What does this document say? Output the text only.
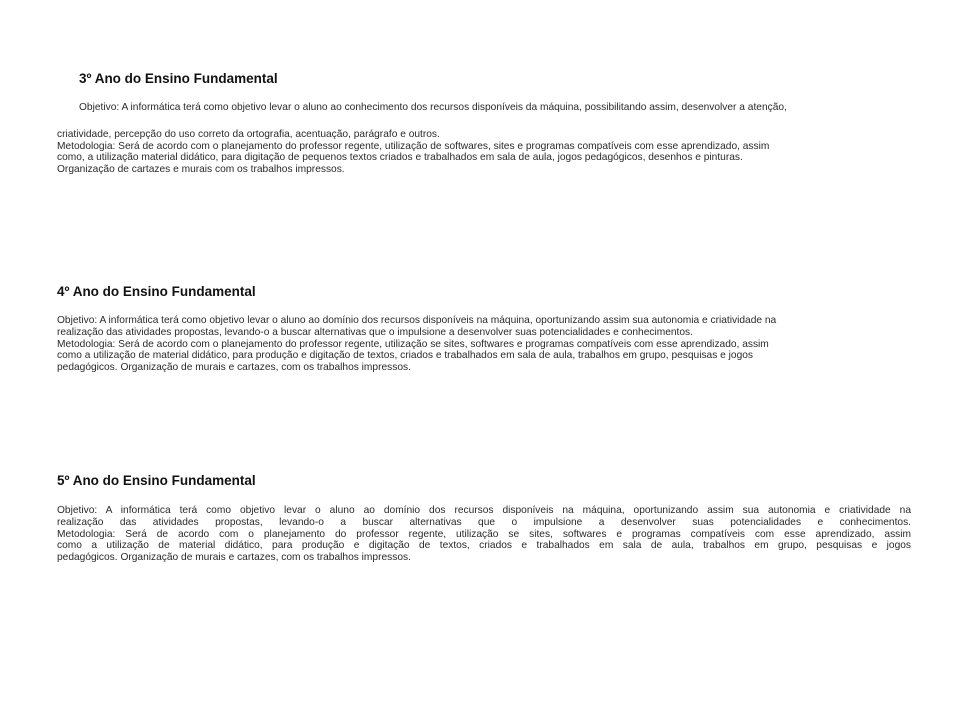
3º Ano do Ensino Fundamental

Objetivo: A informática terá como objetivo levar o aluno ao conhecimento dos recursos disponíveis da máquina, possibilitando assim, desenvolver a atenção,

criatividade, percepção do uso correto da ortografia, acentuação, parágrafo e outros.
Metodologia: Será de acordo com o planejamento do professor regente, utilização de softwares, sites e programas compatíveis com esse aprendizado, assim
como, a utilização material didático, para digitação de pequenos textos criados e trabalhados em sala de aula, jogos pedagógicos, desenhos e pinturas.
Organização de cartazes e murais com os trabalhos impressos.

4º Ano do Ensino Fundamental

Objetivo: A informática terá como objetivo levar o aluno ao domínio dos recursos disponíveis na máquina, oportunizando assim sua autonomia e criatividade na
realização das atividades propostas, levando-o a buscar alternativas que o impulsione a desenvolver suas potencialidades e conhecimentos.
Metodologia: Será de acordo com o planejamento do professor regente, utilização se sites, softwares e programas compatíveis com esse aprendizado, assim
como a utilização de material didático, para produção e digitação de textos, criados e trabalhados em sala de aula, trabalhos em grupo, pesquisas e jogos
pedagógicos. Organização de murais e cartazes, com os trabalhos impressos.

5º Ano do Ensino Fundamental

Objetivo: A informática terá como objetivo levar o aluno ao domínio dos recursos disponíveis na máquina, oportunizando assim sua autonomia e criatividade na
realização das atividades propostas, levando-o a buscar alternativas que o impulsione a desenvolver suas potencialidades e conhecimentos.
Metodologia: Será de acordo com o planejamento do professor regente, utilização se sites, softwares e programas compatíveis com esse aprendizado, assim
como a utilização de material didático, para produção e digitação de textos, criados e trabalhados em sala de aula, trabalhos em grupo, pesquisas e jogos
pedagógicos. Organização de murais e cartazes, com os trabalhos impressos.
